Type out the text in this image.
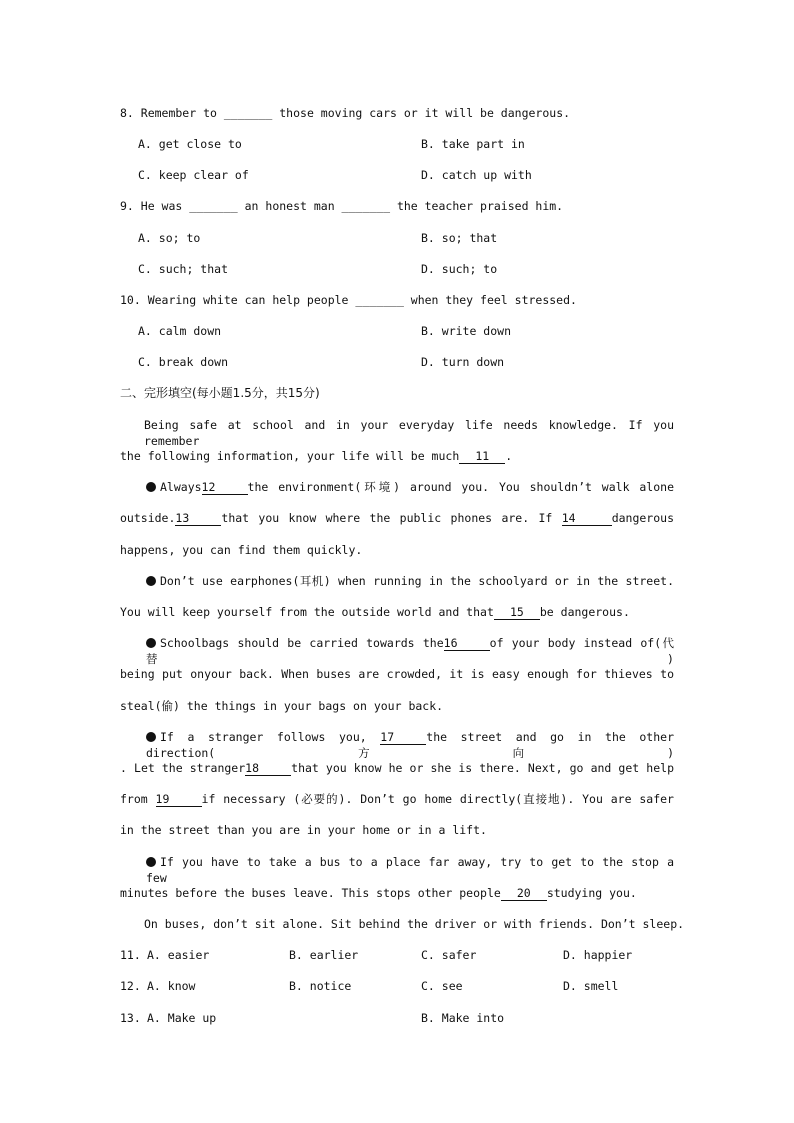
8. Remember to _______ those moving cars or it will be dangerous.
A. get close to	B. take part in
C. keep clear of	D. catch up with
9. He was _______ an honest man _______ the teacher praised him.
A. so; to	B. so; that
C. such; that	D. such; to
10. Wearing white can help people _______ when they feel stressed.
A. calm down	B. write down
C. break down	D. turn down
二、完形填空(每小题1.5分，共15分)
Being safe at school and in your everyday life needs knowledge. If you remember
the following information, your life will be much 11 .
Always12	the environment(环境) around you. You shouldn’t walk alone
outside.13	that you know where the public phones are. If 14	dangerous
happens, you can find them quickly.
Don’t use earphones(耳机) when running in the schoolyard or in the street.
You will keep yourself from the outside world and that 15 be dangerous.
Schoolbags should be carried towards the16	of your body instead of(代替)
being put onyour back. When buses are crowded, it is easy enough for thieves to
steal(偷) the things in your bags on your back.
If a stranger follows you, 17	the street and go in the other direction(方向)
. Let the stranger18	that you know he or she is there. Next, go and get help
from 19	if necessary (必要的). Don’t go home directly(直接地). You are safer
in the street than you are in your home or in a lift.
If you have to take a bus to a place far away, try to get to the stop a few
minutes before the buses leave. This stops other people 20 studying you.
On buses, don’t sit alone. Sit behind the driver or with friends. Don’t sleep.
11. A. easier	B. earlier	C. safer	D. happier
12. A. know	B. notice	C. see	D. smell
13. A. Make up	B. Make into
